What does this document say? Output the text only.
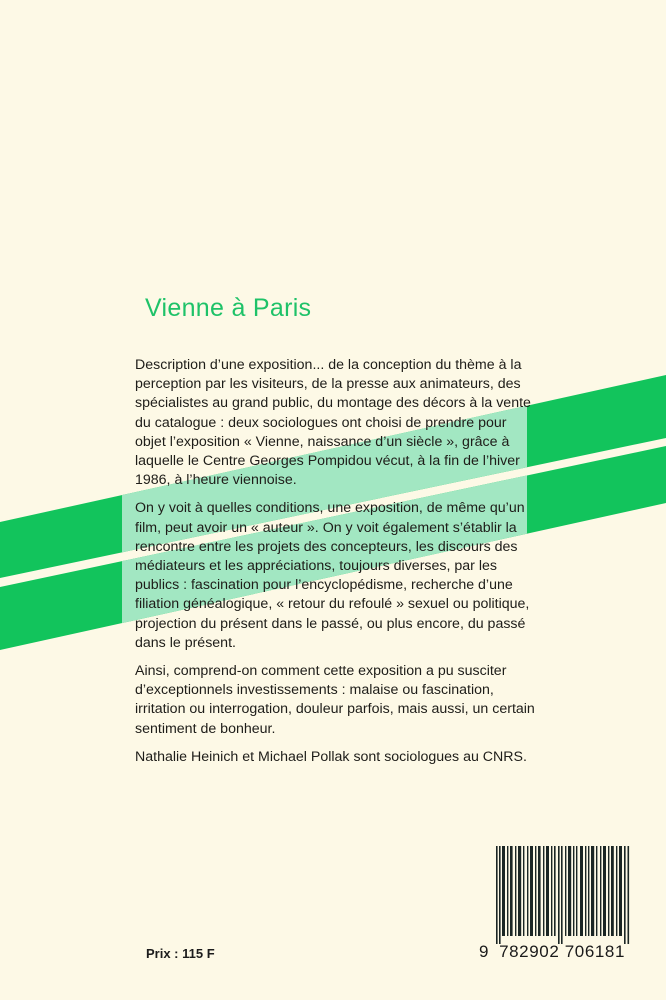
Vienne à Paris

Description d’une exposition... de la conception du thème à la perception par les visiteurs, de la presse aux animateurs, des spécialistes au grand public, du montage des décors à la vente du catalogue : deux sociologues ont choisi de prendre pour objet l’exposition « Vienne, naissance d’un siècle », grâce à laquelle le Centre Georges Pompidou vécut, à la fin de l’hiver 1986, à l’heure viennoise.

On y voit à quelles conditions, une exposition, de même qu’un film, peut avoir un « auteur ». On y voit également s’établir la rencontre entre les projets des concepteurs, les discours des médiateurs et les appréciations, toujours diverses, par les publics : fascination pour l’encyclopédisme, recherche d’une filiation généalogique, « retour du refoulé » sexuel ou politique, projection du présent dans le passé, ou plus encore, du passé dans le présent.

Ainsi, comprend-on comment cette exposition a pu susciter d’exceptionnels investissements : malaise ou fascination, irritation ou interrogation, douleur parfois, mais aussi, un certain sentiment de bonheur.

Nathalie Heinich et Michael Pollak sont sociologues au CNRS.

9 782902 706181
Prix : 115 F
